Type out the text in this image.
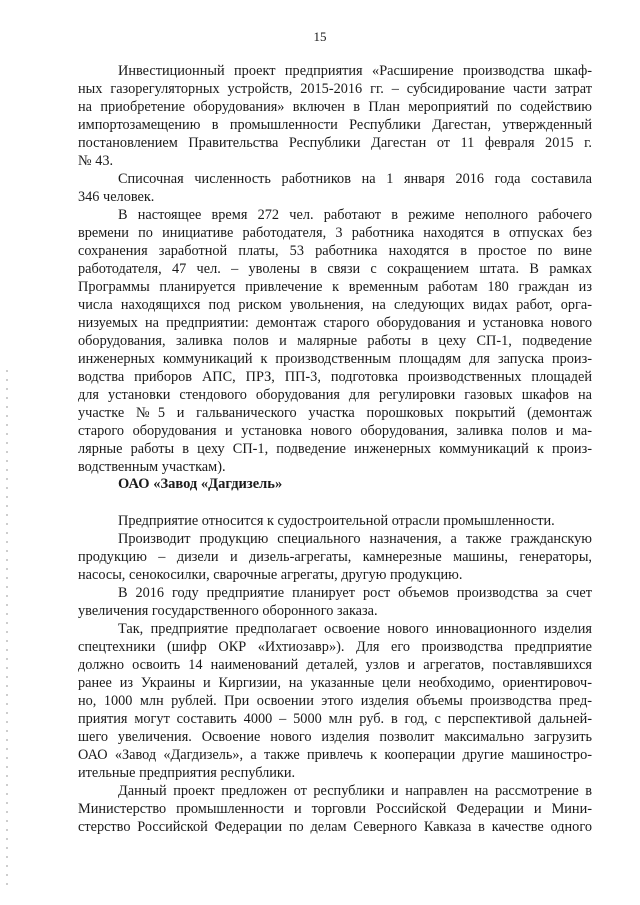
15
Инвестиционный проект предприятия «Расширение производства шкаф-
ных газорегуляторных устройств, 2015-2016 гг. – субсидирование части затрат
на приобретение оборудования» включен в План мероприятий по содействию
импортозамещению в промышленности Республики Дагестан, утвержденный
постановлением Правительства Республики Дагестан от 11 февраля 2015 г.
№ 43.
Списочная численность работников на 1 января 2016 года составила
346 человек.
В настоящее время 272 чел. работают в режиме неполного рабочего
времени по инициативе работодателя, 3 работника находятся в отпусках без
сохранения заработной платы, 53 работника находятся в простое по вине
работодателя, 47 чел. – уволены в связи с сокращением штата. В рамках
Программы планируется привлечение к временным работам 180 граждан из
числа находящихся под риском увольнения, на следующих видах работ, орга-
низуемых на предприятии: демонтаж старого оборудования и установка нового
оборудования, заливка полов и малярные работы в цеху СП-1, подведение
инженерных коммуникаций к производственным площадям для запуска произ-
водства приборов АПС, ПРЗ, ПП-3, подготовка производственных площадей
для установки стендового оборудования для регулировки газовых шкафов на
участке №5 и гальванического участка порошковых покрытий (демонтаж
старого оборудования и установка нового оборудования, заливка полов и ма-
лярные работы в цеху СП-1, подведение инженерных коммуникаций к произ-
водственным участкам).
ОАО «Завод «Дагдизель»
Предприятие относится к судостроительной отрасли промышленности.
Производит продукцию специального назначения, а также гражданскую
продукцию – дизели и дизель-агрегаты, камнерезные машины, генераторы,
насосы, сенокосилки, сварочные агрегаты, другую продукцию.
В 2016 году предприятие планирует рост объемов производства за счет
увеличения государственного оборонного заказа.
Так, предприятие предполагает освоение нового инновационного изделия
спецтехники (шифр ОКР «Ихтиозавр»). Для его производства предприятие
должно освоить 14 наименований деталей, узлов и агрегатов, поставлявшихся
ранее из Украины и Киргизии, на указанные цели необходимо, ориентировоч-
но, 1000 млн рублей. При освоении этого изделия объемы производства пред-
приятия могут составить 4000 – 5000 млн руб. в год, с перспективой дальней-
шего увеличения. Освоение нового изделия позволит максимально загрузить
ОАО «Завод «Дагдизель», а также привлечь к кооперации другие машиностро-
ительные предприятия республики.
Данный проект предложен от республики и направлен на рассмотрение в
Министерство промышленности и торговли Российской Федерации и Мини-
стерство Российской Федерации по делам Северного Кавказа в качестве одного
